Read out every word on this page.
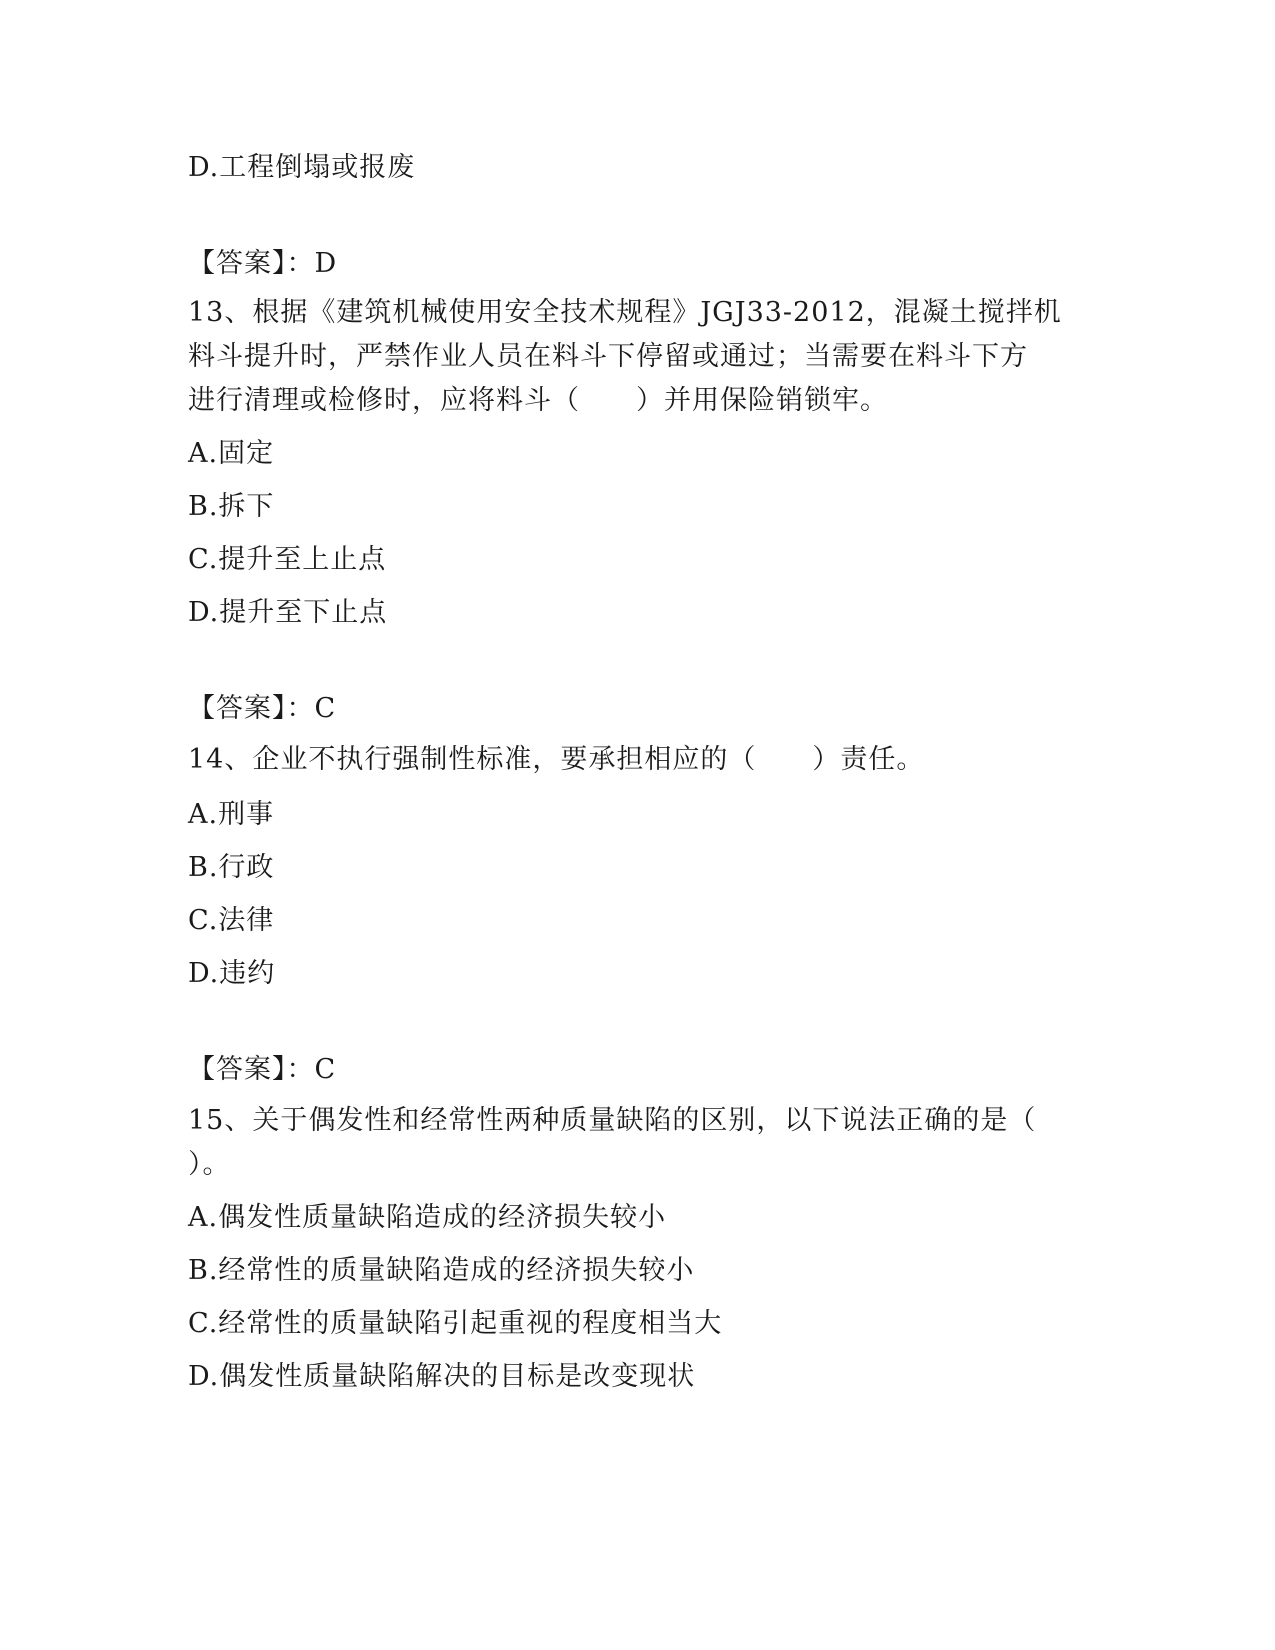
D.工程倒塌或报废
【答案】：D
13、根据《建筑机械使用安全技术规程》JGJ33-2012，混凝土搅拌机
料斗提升时，严禁作业人员在料斗下停留或通过；当需要在料斗下方
进行清理或检修时，应将料斗（　　）并用保险销锁牢。
A.固定
B.拆下
C.提升至上止点
D.提升至下止点
【答案】：C
14、企业不执行强制性标准，要承担相应的（　　）责任。
A.刑事
B.行政
C.法律
D.违约
【答案】：C
15、关于偶发性和经常性两种质量缺陷的区别，以下说法正确的是（
）。
A.偶发性质量缺陷造成的经济损失较小
B.经常性的质量缺陷造成的经济损失较小
C.经常性的质量缺陷引起重视的程度相当大
D.偶发性质量缺陷解决的目标是改变现状
